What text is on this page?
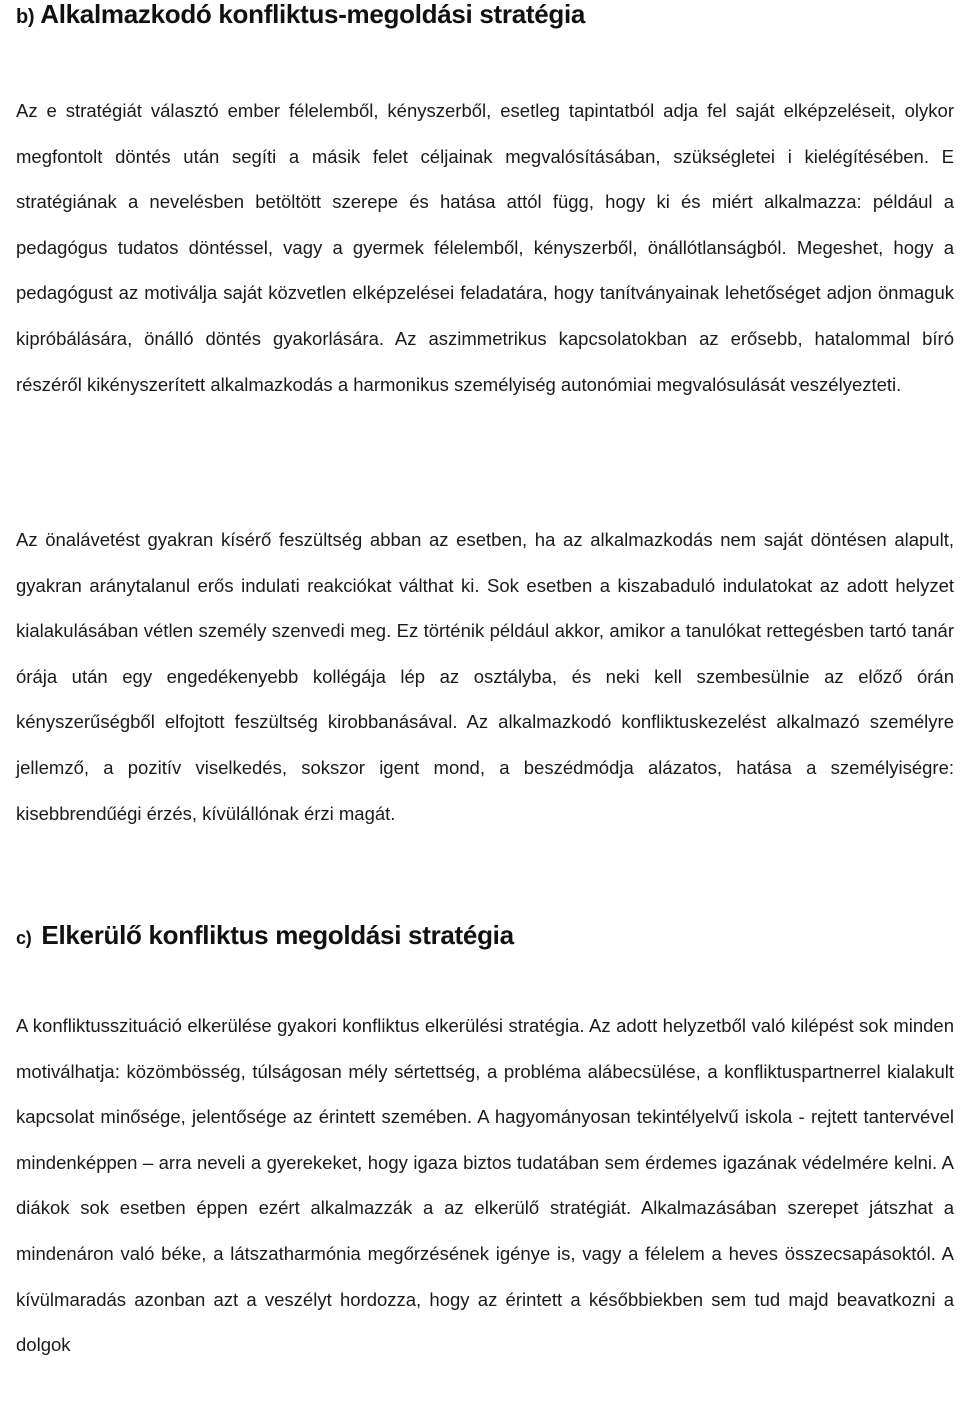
b) Alkalmazkodó konfliktus-megoldási stratégia

Az e stratégiát választó ember félelemből, kényszerből, esetleg tapintatból adja fel saját elképzeléseit, olykor megfontolt döntés után segíti a másik felet céljainak megvalósításában, szükségletei i kielégítésében. E stratégiának a nevelésben betöltött szerepe és hatása attól függ, hogy ki és miért alkalmazza: például a pedagógus tudatos döntéssel, vagy a gyermek félelemből, kényszerből, önállótlanságból. Megeshet, hogy a pedagógust az motiválja saját közvetlen elképzelései feladatára, hogy tanítványainak lehetőséget adjon önmaguk kipróbálására, önálló döntés gyakorlására. Az aszimmetrikus kapcsolatokban az erősebb, hatalommal bíró részéről kikényszerített alkalmazkodás a harmonikus személyiség autonómiai megvalósulását veszélyezteti.

Az önalávetést gyakran kísérő feszültség abban az esetben, ha az alkalmazkodás nem saját döntésen alapult, gyakran aránytalanul erős indulati reakciókat válthat ki. Sok esetben a kiszabaduló indulatokat az adott helyzet kialakulásában vétlen személy szenvedi meg. Ez történik például akkor, amikor a tanulókat rettegésben tartó tanár órája után egy engedékenyebb kollégája lép az osztályba, és neki kell szembesülnie az előző órán kényszerűségből elfojtott feszültség kirobbanásával. Az alkalmazkodó konfliktuskezelést alkalmazó személyre jellemző, a pozitív viselkedés, sokszor igent mond, a beszédmódja alázatos, hatása a személyiségre: kisebbrendűégi érzés, kívülállónak érzi magát.

c) Elkerülő konfliktus megoldási stratégia

A konfliktusszituáció elkerülése gyakori konfliktus elkerülési stratégia. Az adott helyzetből való kilépést sok minden motiválhatja: közömbösség, túlságosan mély sértettség, a probléma alábecsülése, a konfliktuspartnerrel kialakult kapcsolat minősége, jelentősége az érintett szemében. A hagyományosan tekintélyelvű iskola - rejtett tantervével mindenképpen – arra neveli a gyerekeket, hogy igaza biztos tudatában sem érdemes igazának védelmére kelni. A diákok sok esetben éppen ezért alkalmazzák a az elkerülő stratégiát. Alkalmazásában szerepet játszhat a mindenáron való béke, a látszatharmónia megőrzésének igénye is, vagy a félelem a heves összecsapásoktól. A kívülmaradás azonban azt a veszélyt hordozza, hogy az érintett a későbbiekben sem tud majd beavatkozni a dolgok
